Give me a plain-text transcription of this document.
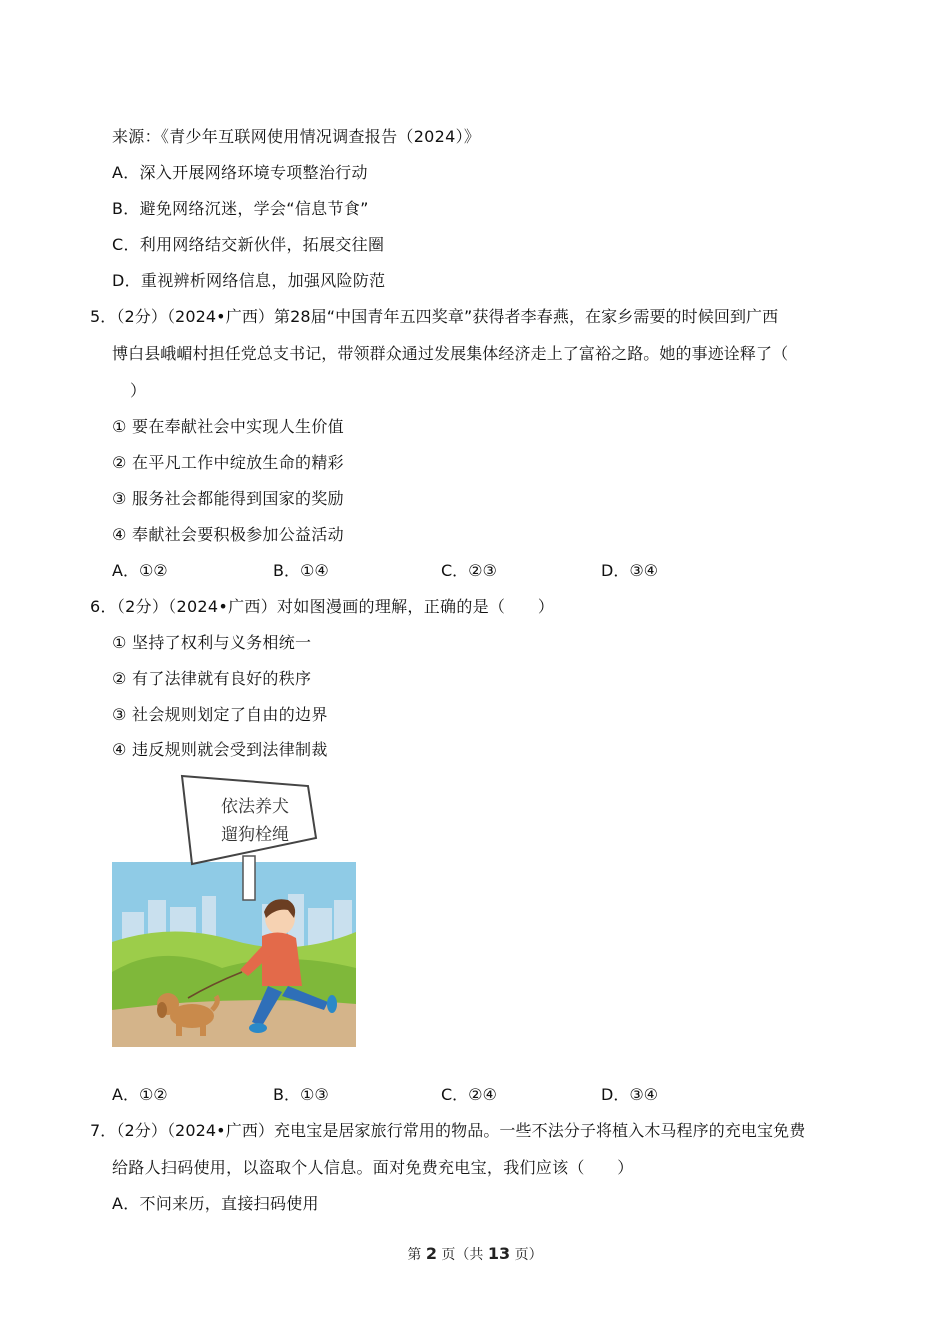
来源：《青少年互联网使用情况调查报告（2024）》
A．深入开展网络环境专项整治行动
B．避免网络沉迷，学会“信息节食”
C．利用网络结交新伙伴，拓展交往圈
D．重视辨析网络信息，加强风险防范
5．（2分）（2024•广西）第28届“中国青年五四奖章”获得者李春燕，在家乡需要的时候回到广西
博白县峨嵋村担任党总支书记，带领群众通过发展集体经济走上了富裕之路。她的事迹诠释了（
）
① 要在奉献社会中实现人生价值
② 在平凡工作中绽放生命的精彩
③ 服务社会都能得到国家的奖励
④ 奉献社会要积极参加公益活动
A．①②	B．①④	C．②③	D．③④
6．（2分）（2024•广西）对如图漫画的理解，正确的是（　　）
① 坚持了权利与义务相统一
② 有了法律就有良好的秩序
③ 社会规则划定了自由的边界
④ 违反规则就会受到法律制裁
依法养犬
遛狗栓绳
A．①②	B．①③	C．②④	D．③④
7．（2分）（2024•广西）充电宝是居家旅行常用的物品。一些不法分子将植入木马程序的充电宝免费
给路人扫码使用，以盗取个人信息。面对免费充电宝，我们应该（　　）
A．不问来历，直接扫码使用
第 2 页（共 13 页）
